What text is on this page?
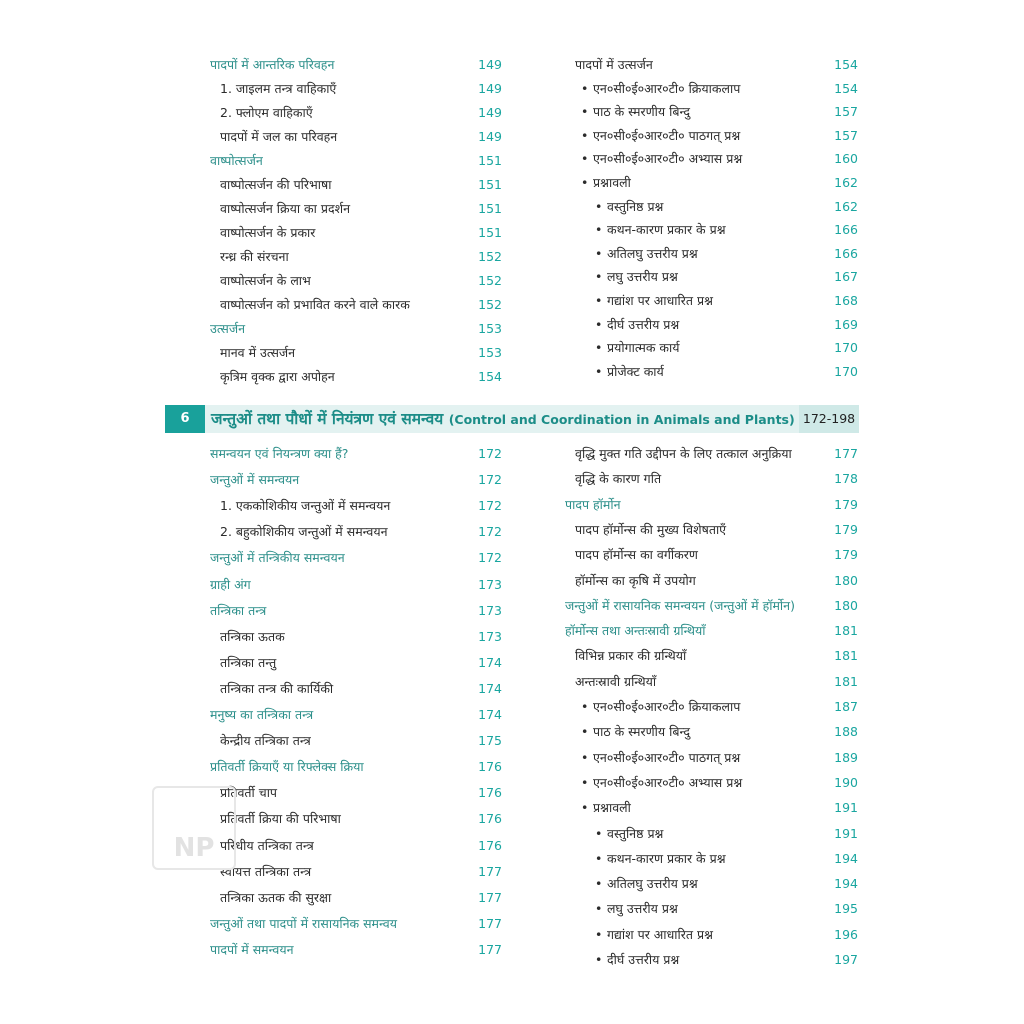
पादपों में आन्तरिक परिवहन	149
1. जाइलम तन्त्र वाहिकाएँ	149
2. फ्लोएम वाहिकाएँ	149
पादपों में जल का परिवहन	149
वाष्पोत्सर्जन	151
वाष्पोत्सर्जन की परिभाषा	151
वाष्पोत्सर्जन क्रिया का प्रदर्शन	151
वाष्पोत्सर्जन के प्रकार	151
रन्ध्र की संरचना	152
वाष्पोत्सर्जन के लाभ	152
वाष्पोत्सर्जन को प्रभावित करने वाले कारक	152
उत्सर्जन	153
मानव में उत्सर्जन	153
कृत्रिम वृक्क द्वारा अपोहन	154
पादपों में उत्सर्जन	154
• एन०सी०ई०आर०टी० क्रियाकलाप	154
• पाठ के स्मरणीय बिन्दु	157
• एन०सी०ई०आर०टी० पाठगत् प्रश्न	157
• एन०सी०ई०आर०टी० अभ्यास प्रश्न	160
• प्रश्नावली	162
• वस्तुनिष्ठ प्रश्न	162
• कथन-कारण प्रकार के प्रश्न	166
• अतिलघु उत्तरीय प्रश्न	166
• लघु उत्तरीय प्रश्न	167
• गद्यांश पर आधारित प्रश्न	168
• दीर्घ उत्तरीय प्रश्न	169
• प्रयोगात्मक कार्य	170
• प्रोजेक्ट कार्य	170
6	जन्तुओं तथा पौधों में नियंत्रण एवं समन्वय (Control and Coordination in Animals and Plants) 172-198
समन्वयन एवं नियन्त्रण क्या हैं?	172
जन्तुओं में समन्वयन	172
1. एककोशिकीय जन्तुओं में समन्वयन	172
2. बहुकोशिकीय जन्तुओं में समन्वयन	172
जन्तुओं में तन्त्रिकीय समन्वयन	172
ग्राही अंग	173
तन्त्रिका तन्त्र	173
तन्त्रिका ऊतक	173
तन्त्रिका तन्तु	174
तन्त्रिका तन्त्र की कार्यिकी	174
मनुष्य का तन्त्रिका तन्त्र	174
केन्द्रीय तन्त्रिका तन्त्र	175
प्रतिवर्ती क्रियाएँ या रिफ्लेक्स क्रिया	176
प्रतिवर्ती चाप	176
प्रतिवर्ती क्रिया की परिभाषा	176
परिधीय तन्त्रिका तन्त्र	176
स्वायत्त तन्त्रिका तन्त्र	177
तन्त्रिका ऊतक की सुरक्षा	177
जन्तुओं तथा पादपों में रासायनिक समन्वय	177
पादपों में समन्वयन	177
वृद्धि मुक्त गति उद्दीपन के लिए तत्काल अनुक्रिया	177
वृद्धि के कारण गति	178
पादप हॉर्मोन	179
पादप हॉर्मोन्स की मुख्य विशेषताएँ	179
पादप हॉर्मोन्स का वर्गीकरण	179
हॉर्मोन्स का कृषि में उपयोग	180
जन्तुओं में रासायनिक समन्वयन (जन्तुओं में हॉर्मोन)	180
हॉर्मोन्स तथा अन्तःस्रावी ग्रन्थियाँ	181
विभिन्न प्रकार की ग्रन्थियाँ	181
अन्तःस्रावी ग्रन्थियाँ	181
• एन०सी०ई०आर०टी० क्रियाकलाप	187
• पाठ के स्मरणीय बिन्दु	188
• एन०सी०ई०आर०टी० पाठगत् प्रश्न	189
• एन०सी०ई०आर०टी० अभ्यास प्रश्न	190
• प्रश्नावली	191
• वस्तुनिष्ठ प्रश्न	191
• कथन-कारण प्रकार के प्रश्न	194
• अतिलघु उत्तरीय प्रश्न	194
• लघु उत्तरीय प्रश्न	195
• गद्यांश पर आधारित प्रश्न	196
• दीर्घ उत्तरीय प्रश्न	197
NP
